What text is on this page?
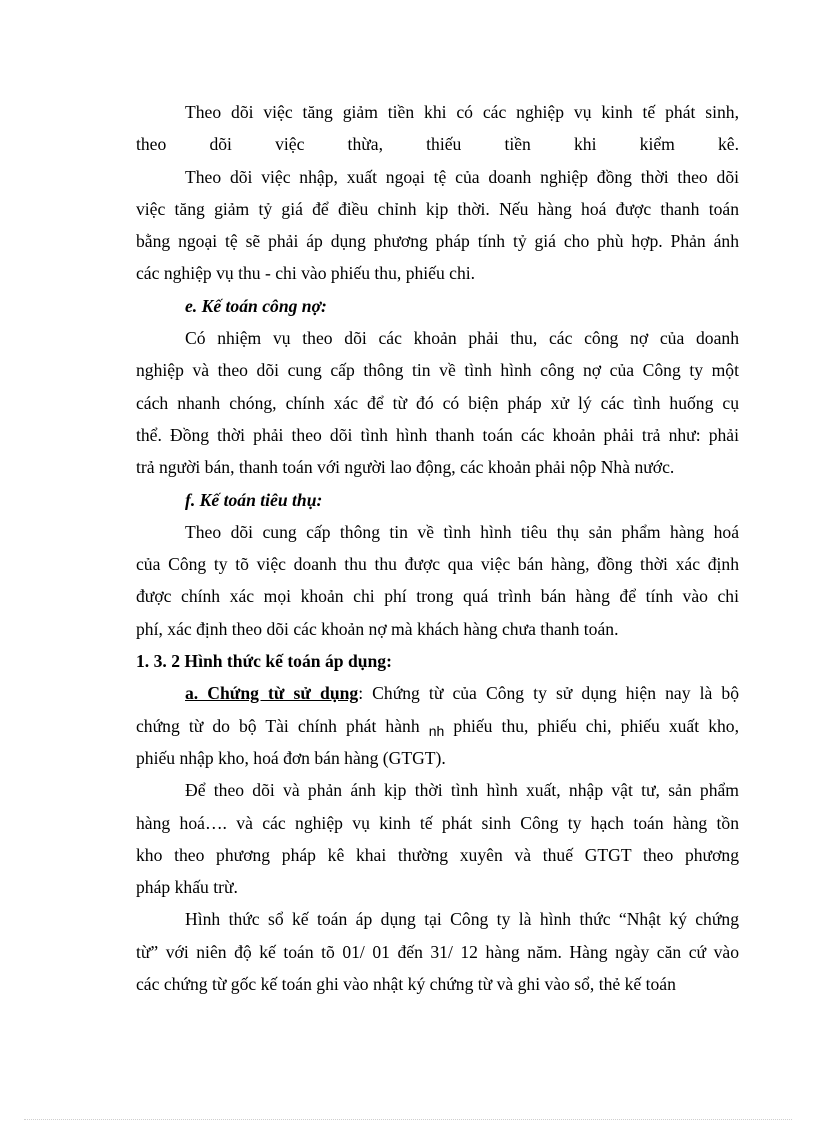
Theo dõi việc tăng giảm tiền khi có các nghiệp vụ kinh tế phát sinh,

theo dõi việc thừa, thiếu tiền khi kiểm kê.

Theo dõi việc nhập, xuất ngoại tệ của doanh nghiệp đồng thời theo dõi

việc tăng giảm tỷ giá để điều chỉnh kịp thời. Nếu hàng hoá được thanh toán

bằng ngoại tệ sẽ phải áp dụng phương pháp tính tỷ giá cho phù hợp. Phản ánh

các nghiệp vụ thu - chi vào phiếu thu, phiếu chi.

e. Kế toán công nợ:

Có nhiệm vụ theo dõi các khoản phải thu, các công nợ của doanh

nghiệp và theo dõi cung cấp thông tin về tình hình công nợ của Công ty một

cách nhanh chóng, chính xác để từ đó có biện pháp xử lý các tình huống cụ

thể. Đồng thời phải theo dõi tình hình thanh toán các khoản phải trả như: phải

trả người bán, thanh toán với người lao động, các khoản phải nộp Nhà nước.

f. Kế toán tiêu thụ:

Theo dõi cung cấp thông tin về tình hình tiêu thụ sản phẩm hàng hoá

của Công ty tõ việc doanh thu thu được qua việc bán hàng, đồng thời xác định

được chính xác mọi khoản chi phí trong quá trình bán hàng để tính vào chi

phí, xác định theo dõi các khoản nợ mà khách hàng chưa thanh toán.

1. 3. 2 Hình thức kế toán áp dụng:

a. Chứng từ sử dụng: Chứng từ của Công ty sử dụng hiện nay là bộ

chứng từ do bộ Tài chính phát hành $_{nh}$ phiếu thu, phiếu chi, phiếu xuất kho,

phiếu nhập kho, hoá đơn bán hàng (GTGT).

Để theo dõi và phản ánh kịp thời tình hình xuất, nhập vật tư, sản phẩm

hàng hoá…. và các nghiệp vụ kinh tế phát sinh Công ty hạch toán hàng tồn

kho theo phương pháp kê khai thường xuyên và thuế GTGT theo phương

pháp khấu trừ.

Hình thức sổ kế toán áp dụng tại Công ty là hình thức “Nhật ký chứng

từ” với niên độ kế toán tõ 01/ 01 đến 31/ 12 hàng năm. Hàng ngày căn cứ vào

các chứng từ gốc kế toán ghi vào nhật ký chứng từ và ghi vào sổ, thẻ kế toán
